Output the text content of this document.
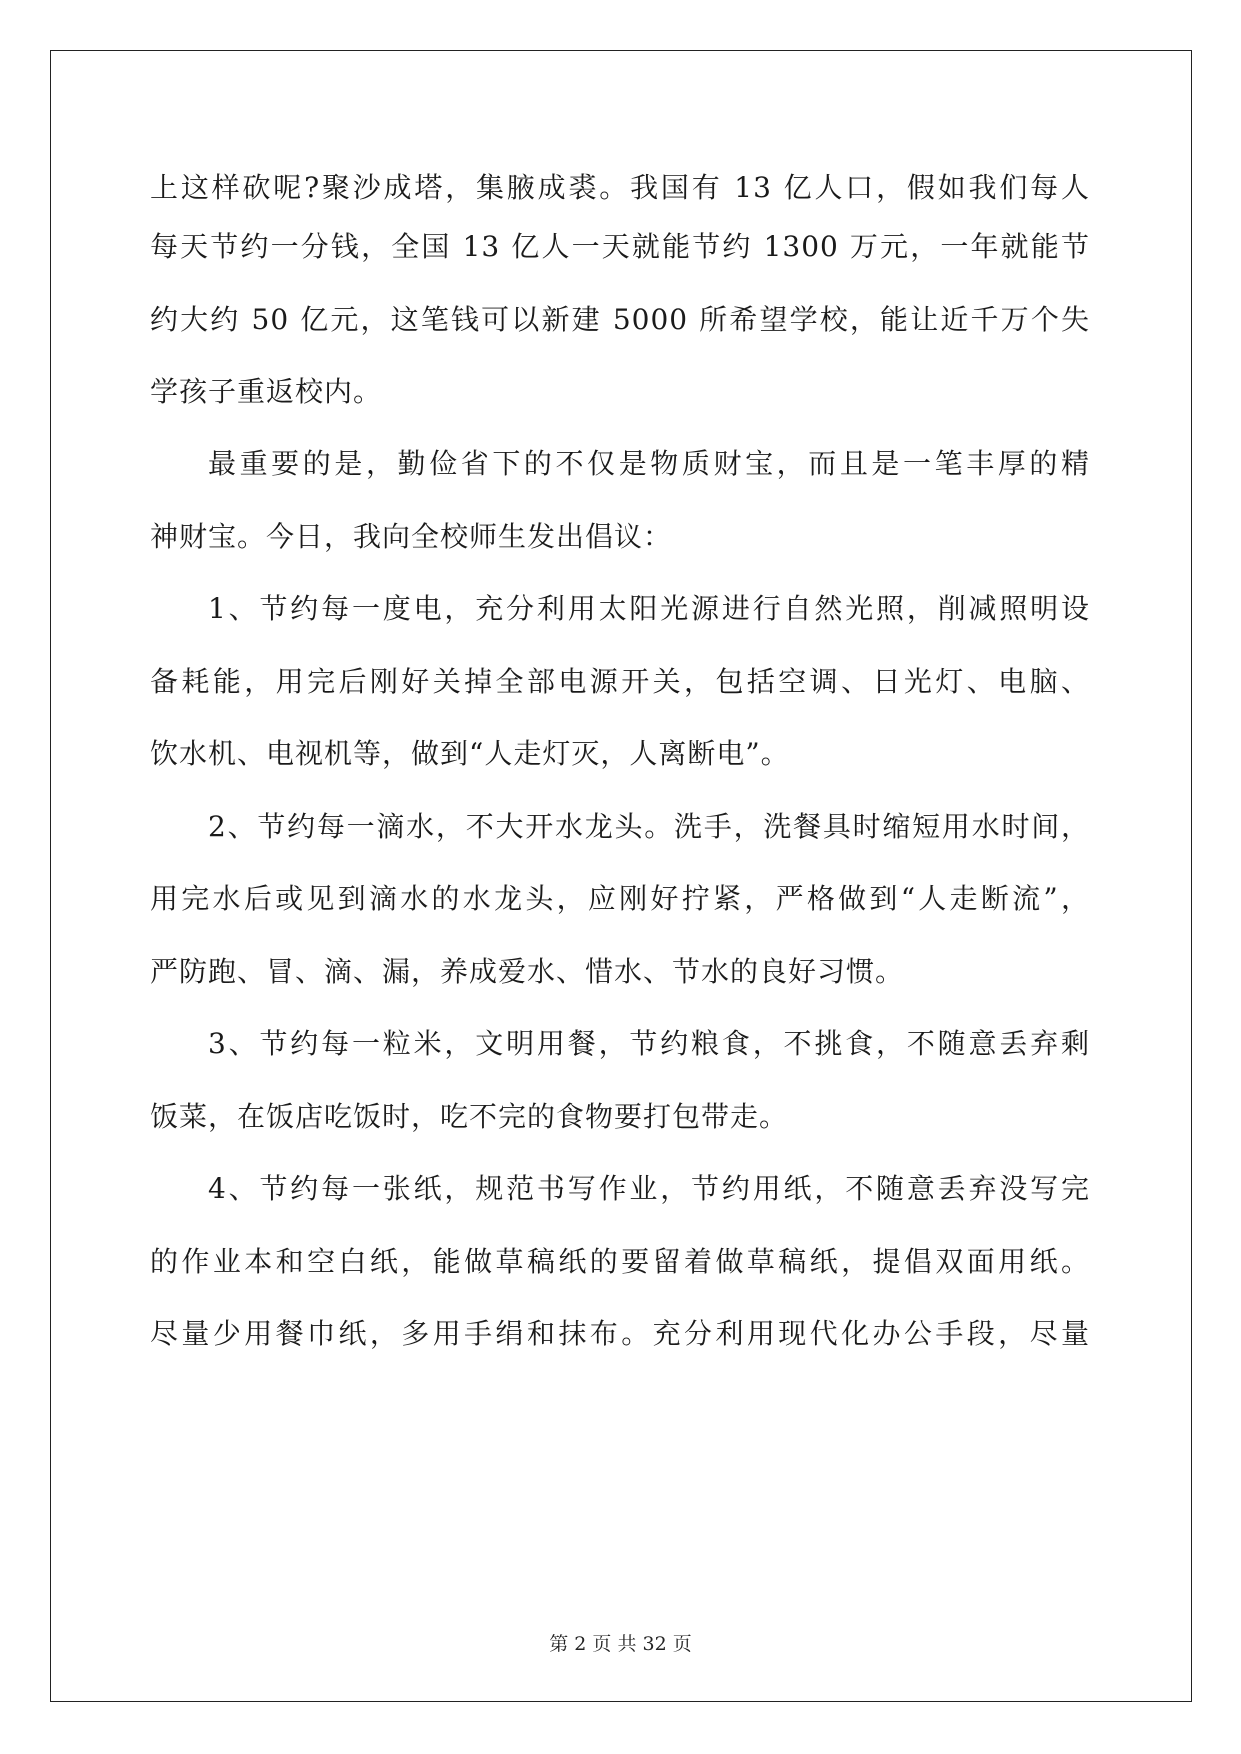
上这样砍呢?聚沙成塔，集腋成裘。我国有 13 亿人口，假如我们每人
每天节约一分钱，全国 13 亿人一天就能节约 1300 万元，一年就能节
约大约 50 亿元，这笔钱可以新建 5000 所希望学校，能让近千万个失
学孩子重返校内。
最重要的是，勤俭省下的不仅是物质财宝，而且是一笔丰厚的精
神财宝。今日，我向全校师生发出倡议：
1、节约每一度电，充分利用太阳光源进行自然光照，削减照明设
备耗能，用完后刚好关掉全部电源开关，包括空调、日光灯、电脑、
饮水机、电视机等，做到“人走灯灭，人离断电”。
2、节约每一滴水，不大开水龙头。洗手，洗餐具时缩短用水时间，
用完水后或见到滴水的水龙头，应刚好拧紧，严格做到“人走断流”，
严防跑、冒、滴、漏，养成爱水、惜水、节水的良好习惯。
3、节约每一粒米，文明用餐，节约粮食，不挑食，不随意丢弃剩
饭菜，在饭店吃饭时，吃不完的食物要打包带走。
4、节约每一张纸，规范书写作业，节约用纸，不随意丢弃没写完
的作业本和空白纸，能做草稿纸的要留着做草稿纸，提倡双面用纸。
尽量少用餐巾纸，多用手绢和抹布。充分利用现代化办公手段，尽量
第 2 页 共 32 页
